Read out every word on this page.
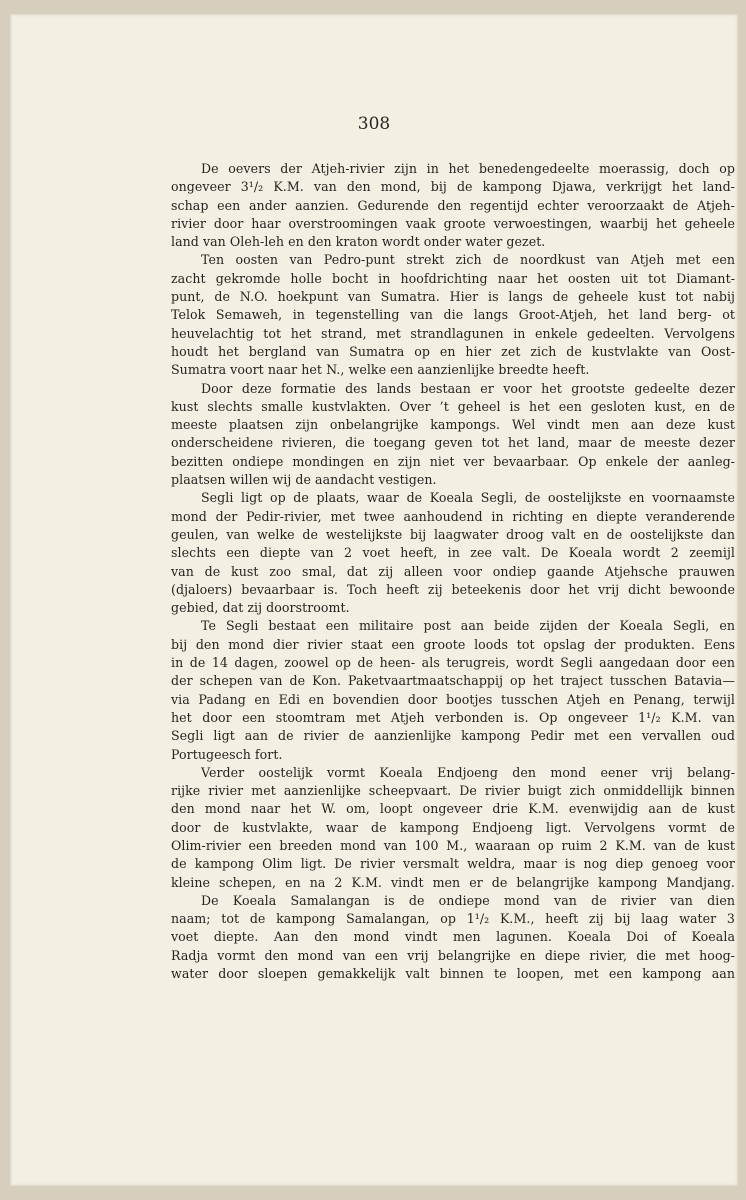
308
De oevers der Atjeh-rivier zijn in het benedengedeelte moerassig, doch op
ongeveer 3¹/₂ K.M. van den mond, bij de kampong Djawa, verkrijgt het land-
schap een ander aanzien. Gedurende den regentijd echter veroorzaakt de Atjeh-
rivier door haar overstroomingen vaak groote verwoestingen, waarbij het geheele
land van Oleh-leh en den kraton wordt onder water gezet.
Ten oosten van Pedro-punt strekt zich de noordkust van Atjeh met een
zacht gekromde holle bocht in hoofdrichting naar het oosten uit tot Diamant-
punt, de N.O. hoekpunt van Sumatra. Hier is langs de geheele kust tot nabij
Telok Semaweh, in tegenstelling van die langs Groot-Atjeh, het land berg- ot
heuvelachtig tot het strand, met strandlagunen in enkele gedeelten. Vervolgens
houdt het bergland van Sumatra op en hier zet zich de kustvlakte van Oost-
Sumatra voort naar het N., welke een aanzienlijke breedte heeft.
Door deze formatie des lands bestaan er voor het grootste gedeelte dezer
kust slechts smalle kustvlakten. Over ’t geheel is het een gesloten kust, en de
meeste plaatsen zijn onbelangrijke kampongs. Wel vindt men aan deze kust
onderscheidene rivieren, die toegang geven tot het land, maar de meeste dezer
bezitten ondiepe mondingen en zijn niet ver bevaarbaar. Op enkele der aanleg-
plaatsen willen wij de aandacht vestigen.
Segli ligt op de plaats, waar de Koeala Segli, de oostelijkste en voornaamste
mond der Pedir-rivier, met twee aanhoudend in richting en diepte veranderende
geulen, van welke de westelijkste bij laagwater droog valt en de oostelijkste dan
slechts een diepte van 2 voet heeft, in zee valt. De Koeala wordt 2 zeemijl
van de kust zoo smal, dat zij alleen voor ondiep gaande Atjehsche prauwen
(djaloers) bevaarbaar is. Toch heeft zij beteekenis door het vrij dicht bewoonde
gebied, dat zij doorstroomt.
Te Segli bestaat een militaire post aan beide zijden der Koeala Segli, en
bij den mond dier rivier staat een groote loods tot opslag der produkten. Eens
in de 14 dagen, zoowel op de heen- als terugreis, wordt Segli aangedaan door een
der schepen van de Kon. Paketvaartmaatschappij op het traject tusschen Batavia—
via Padang en Edi en bovendien door bootjes tusschen Atjeh en Penang, terwijl
het door een stoomtram met Atjeh verbonden is. Op ongeveer 1¹/₂ K.M. van
Segli ligt aan de rivier de aanzienlijke kampong Pedir met een vervallen oud
Portugeesch fort.
Verder oostelijk vormt Koeala Endjoeng den mond eener vrij belang-
rijke rivier met aanzienlijke scheepvaart. De rivier buigt zich onmiddellijk binnen
den mond naar het W. om, loopt ongeveer drie K.M. evenwijdig aan de kust
door de kustvlakte, waar de kampong Endjoeng ligt. Vervolgens vormt de
Olim-rivier een breeden mond van 100 M., waaraan op ruim 2 K.M. van de kust
de kampong Olim ligt. De rivier versmalt weldra, maar is nog diep genoeg voor
kleine schepen, en na 2 K.M. vindt men er de belangrijke kampong Mandjang.
De Koeala Samalangan is de ondiepe mond van de rivier van dien
naam; tot de kampong Samalangan, op 1¹/₂ K.M., heeft zij bij laag water 3
voet diepte. Aan den mond vindt men lagunen. Koeala Doi of Koeala
Radja vormt den mond van een vrij belangrijke en diepe rivier, die met hoog-
water door sloepen gemakkelijk valt binnen te loopen, met een kampong aan
